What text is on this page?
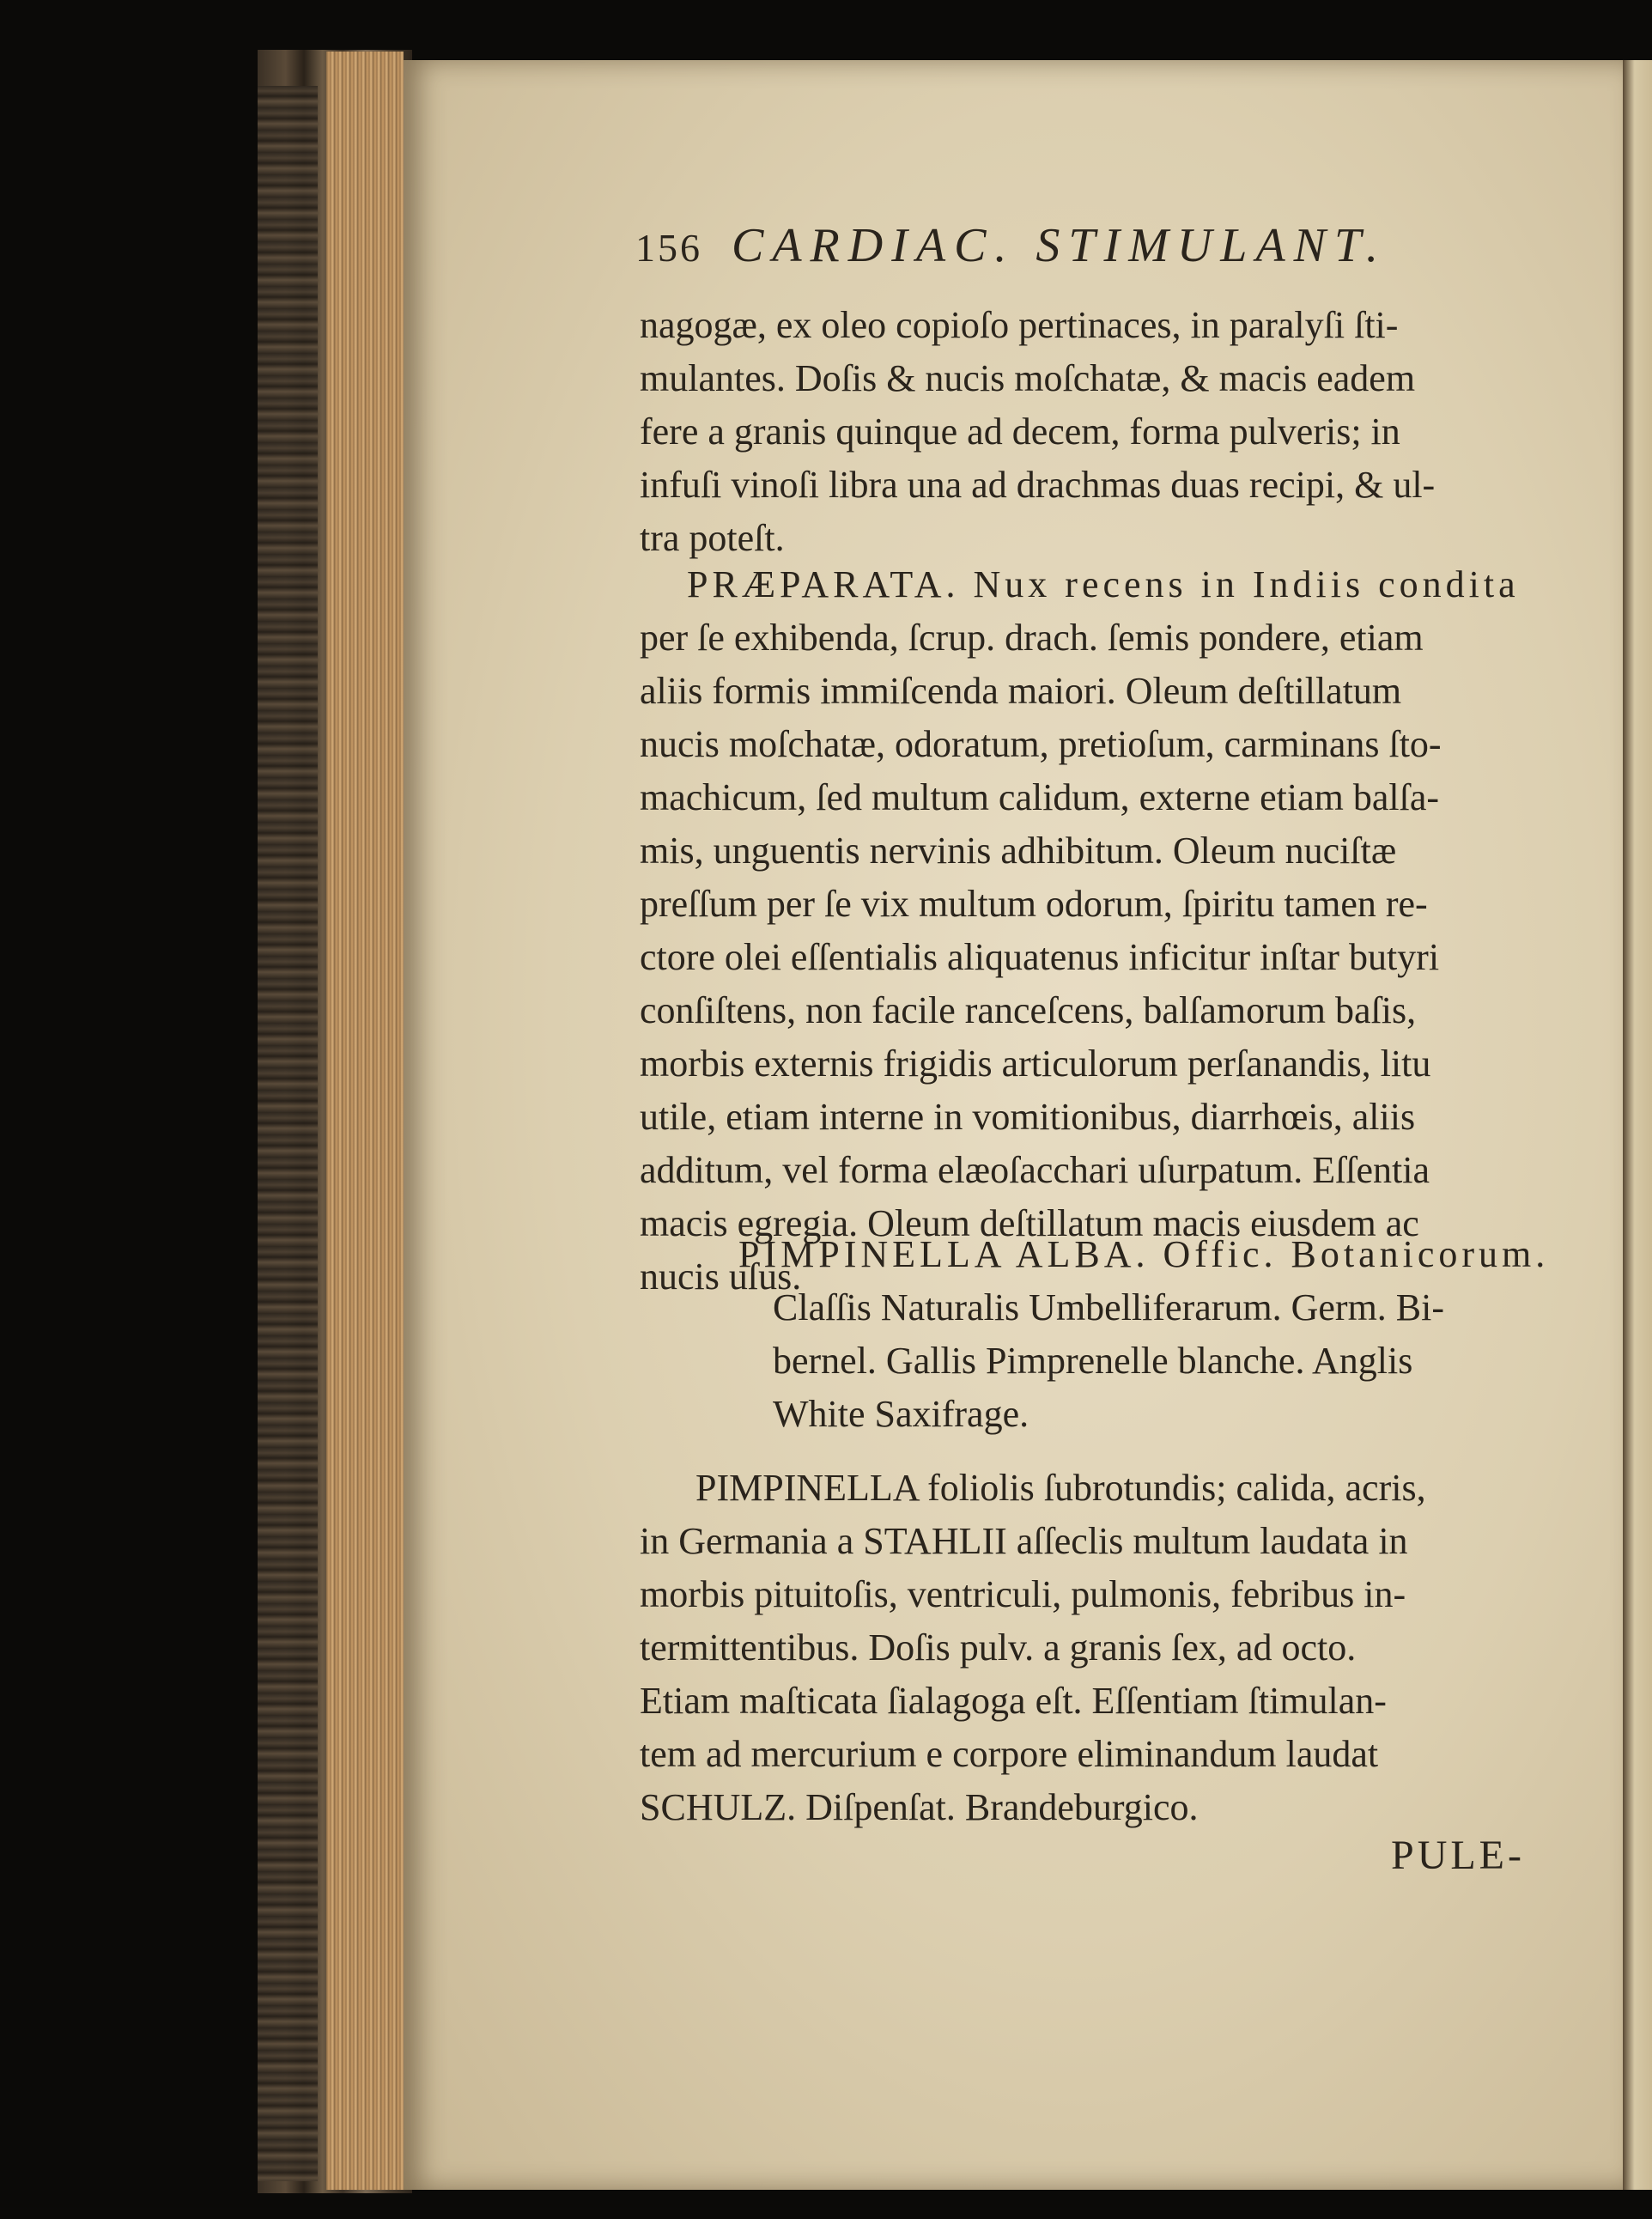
156 CARDIAC. STIMULANT.
nagogæ, ex oleo copioſo pertinaces, in paralyſi ſti-
mulantes. Doſis & nucis moſchatæ, & macis eadem
fere a granis quinque ad decem, forma pulveris; in
infuſi vinoſi libra una ad drachmas duas recipi, & ul-
tra poteſt.
PRÆPARATA. Nux recens in Indiis condita
per ſe exhibenda, ſcrup. drach. ſemis pondere, etiam
aliis formis immiſcenda maiori. Oleum deſtillatum
nucis moſchatæ, odoratum, pretioſum, carminans ſto-
machicum, ſed multum calidum, externe etiam balſa-
mis, unguentis nervinis adhibitum. Oleum nuciſtæ
preſſum per ſe vix multum odorum, ſpiritu tamen re-
ctore olei eſſentialis aliquatenus inficitur inſtar butyri
conſiſtens, non facile ranceſcens, balſamorum baſis,
morbis externis frigidis articulorum perſanandis, litu
utile, etiam interne in vomitionibus, diarrhœis, aliis
additum, vel forma elæoſacchari uſurpatum. Eſſentia
macis egregia. Oleum deſtillatum macis eiusdem ac
nucis uſus.
PIMPINELLA ALBA. Offic. Botanicorum.
Claſſis Naturalis Umbelliferarum. Germ. Bi-
bernel. Gallis Pimprenelle blanche. Anglis
White Saxifrage.
PIMPINELLA foliolis ſubrotundis; calida, acris,
in Germania a STAHLII aſſeclis multum laudata in
morbis pituitoſis, ventriculi, pulmonis, febribus in-
termittentibus. Doſis pulv. a granis ſex, ad octo.
Etiam maſticata ſialagoga eſt. Eſſentiam ſtimulan-
tem ad mercurium e corpore eliminandum laudat
SCHULZ. Diſpenſat. Brandeburgico.
PULE-
